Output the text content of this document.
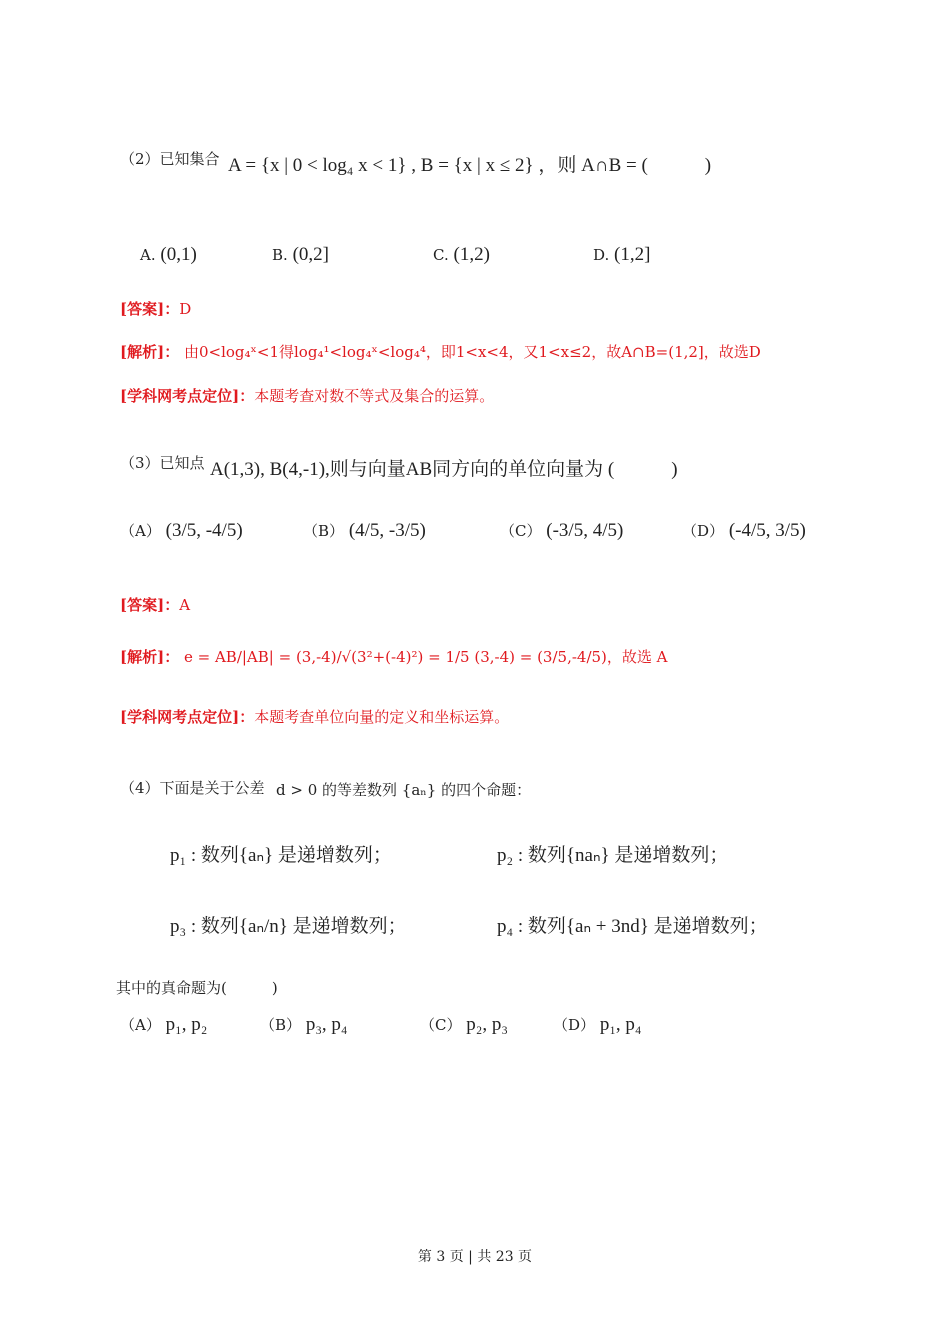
（2）已知集合 A = {x | 0 < log₄ x < 1} , B = {x | x ≤ 2} ，则 A∩B = (　　　)
A. (0,1)	B. (0,2]	C. (1,2)	D. (1,2]
[答案]：D
[解析]： 由0<log₄ˣ<1得log₄¹<log₄ˣ<log₄⁴，即1<x<4，又1<x≤2，故A∩B=(1,2]，故选D
[学科网考点定位]：本题考查对数不等式及集合的运算。
（3）已知点 A(1,3), B(4,-1),则与向量AB同方向的单位向量为 (　　　)
（A） (3/5, -4/5)	（B） (4/5, -3/5)	（C） (-3/5, 4/5)	（D） (-4/5, 3/5)
[答案]：A
[解析]： e = AB/|AB| = (3,-4)/√(3²+(-4)²) = 1/5 (3,-4) = (3/5,-4/5)，故选 A
[学科网考点定位]：本题考查单位向量的定义和坐标运算。
（4）下面是关于公差 d > 0 的等差数列 {aₙ} 的四个命题：
p₁ : 数列{aₙ} 是递增数列；	p₂ : 数列{naₙ} 是递增数列；
p₃ : 数列{aₙ/n} 是递增数列；	p₄ : 数列{aₙ + 3nd} 是递增数列；
其中的真命题为(　　　)
（A） p₁, p₂	（B） p₃, p₄	（C） p₂, p₃	（D） p₁, p₄
第 3 页 | 共 23 页
